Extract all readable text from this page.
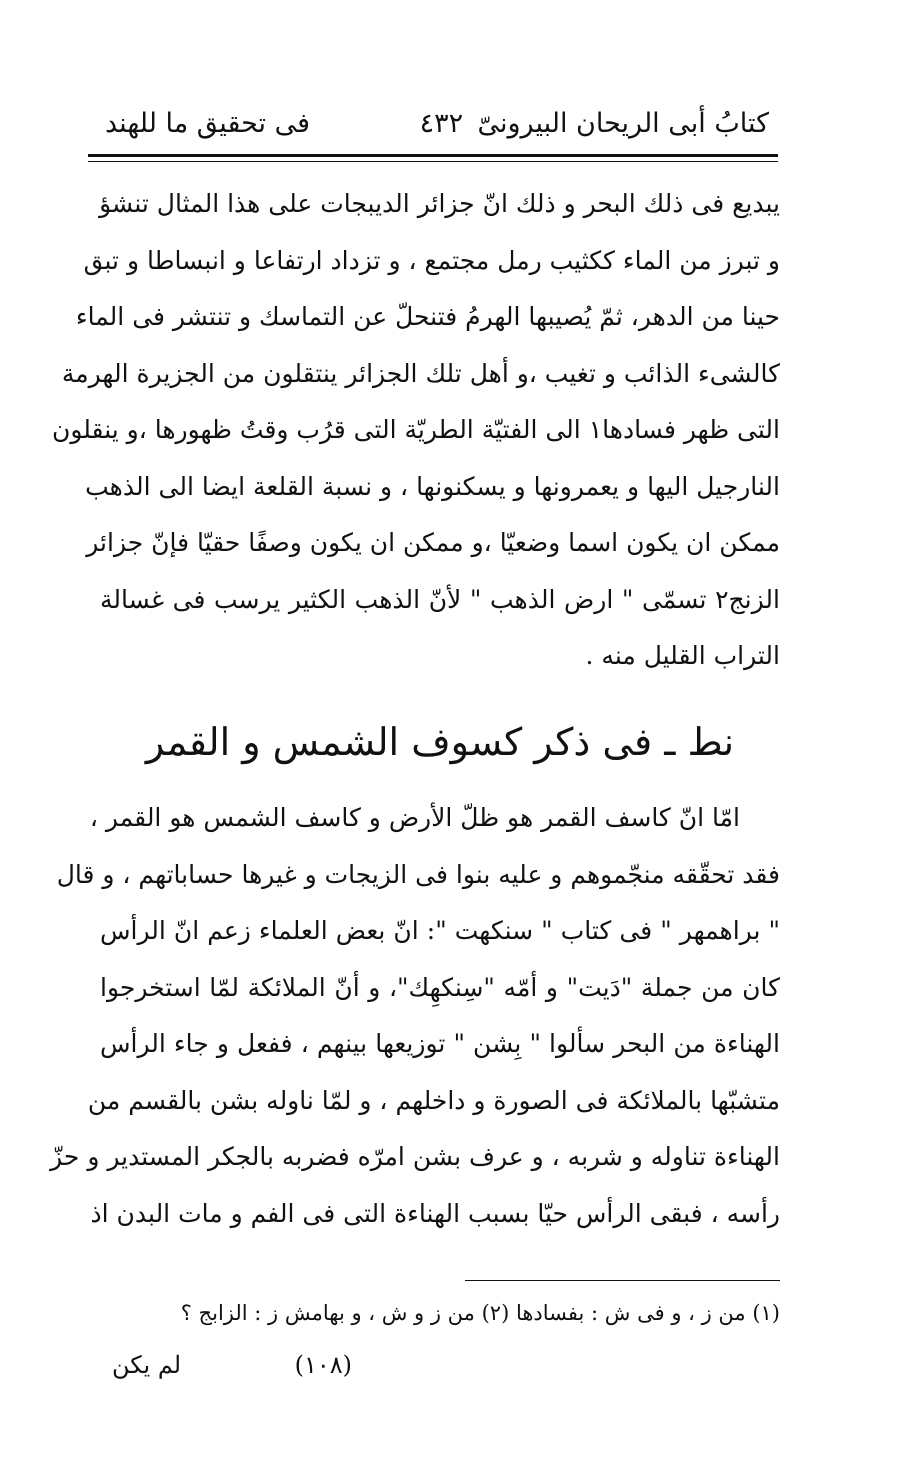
كتابُ أبى الريحان البيرونىّ
٤٣٢
فى تحقيق ما للهند
يبديع فى ذلك البحر و ذلك انّ جزائر الديبجات على هذا المثال تنشؤ
و تبرز من الماء ككثيب رمل مجتمع ، و تزداد ارتفاعا و انبساطا و تبق
حينا من الدهر، ثمّ يُصيبها الهرمُ فتنحلّ عن التماسك و تنتشر فى الماء
كالشىء الذائب و تغيب ،و أهل تلك الجزائر ينتقلون من الجزيرة الهرمة
التى ظهر فسادها١ الى الفتيّة الطريّة التى قرُب وقتُ ظهورها ،و ينقلون
النارجيل اليها و يعمرونها و يسكنونها ، و نسبة القلعة ايضا الى الذهب
ممكن ان يكون اسما وضعيّا ،و ممكن ان يكون وصفًا حقيّا فإنّ جزائر
الزنج٢ تسمّى " ارض الذهب " لأنّ الذهب الكثير يرسب فى غسالة
التراب القليل منه .
نط ـ فى ذكر كسوف الشمس و القمر
امّا انّ كاسف القمر هو ظلّ الأرض و كاسف الشمس هو القمر ،
فقد تحقّقه منجّموهم و عليه بنوا فى الزيجات و غيرها حساباتهم ، و قال
" براهمهر " فى كتاب " سنكهت ": انّ بعض العلماء زعم انّ الرأس
كان من جملة "دَيت" و أمّه "سِنكهِك"، و أنّ الملائكة لمّا استخرجوا
الهناءة من البحر سألوا " بِشن " توزيعها بينهم ، ففعل و جاء الرأس
متشبّها بالملائكة فى الصورة و داخلهم ، و لمّا ناوله بشن بالقسم من
الهناءة تناوله و شربه ، و عرف بشن امرّه فضربه بالجكر المستدير و حزّ
رأسه ، فبقى الرأس حيّا بسبب الهناءة التى فى الفم و مات البدن اذ
(١) من ز ، و فى ش : بفسادها (٢) من ز و ش ، و بهامش ز : الزابج ؟
(١٠٨)
لم يكن
